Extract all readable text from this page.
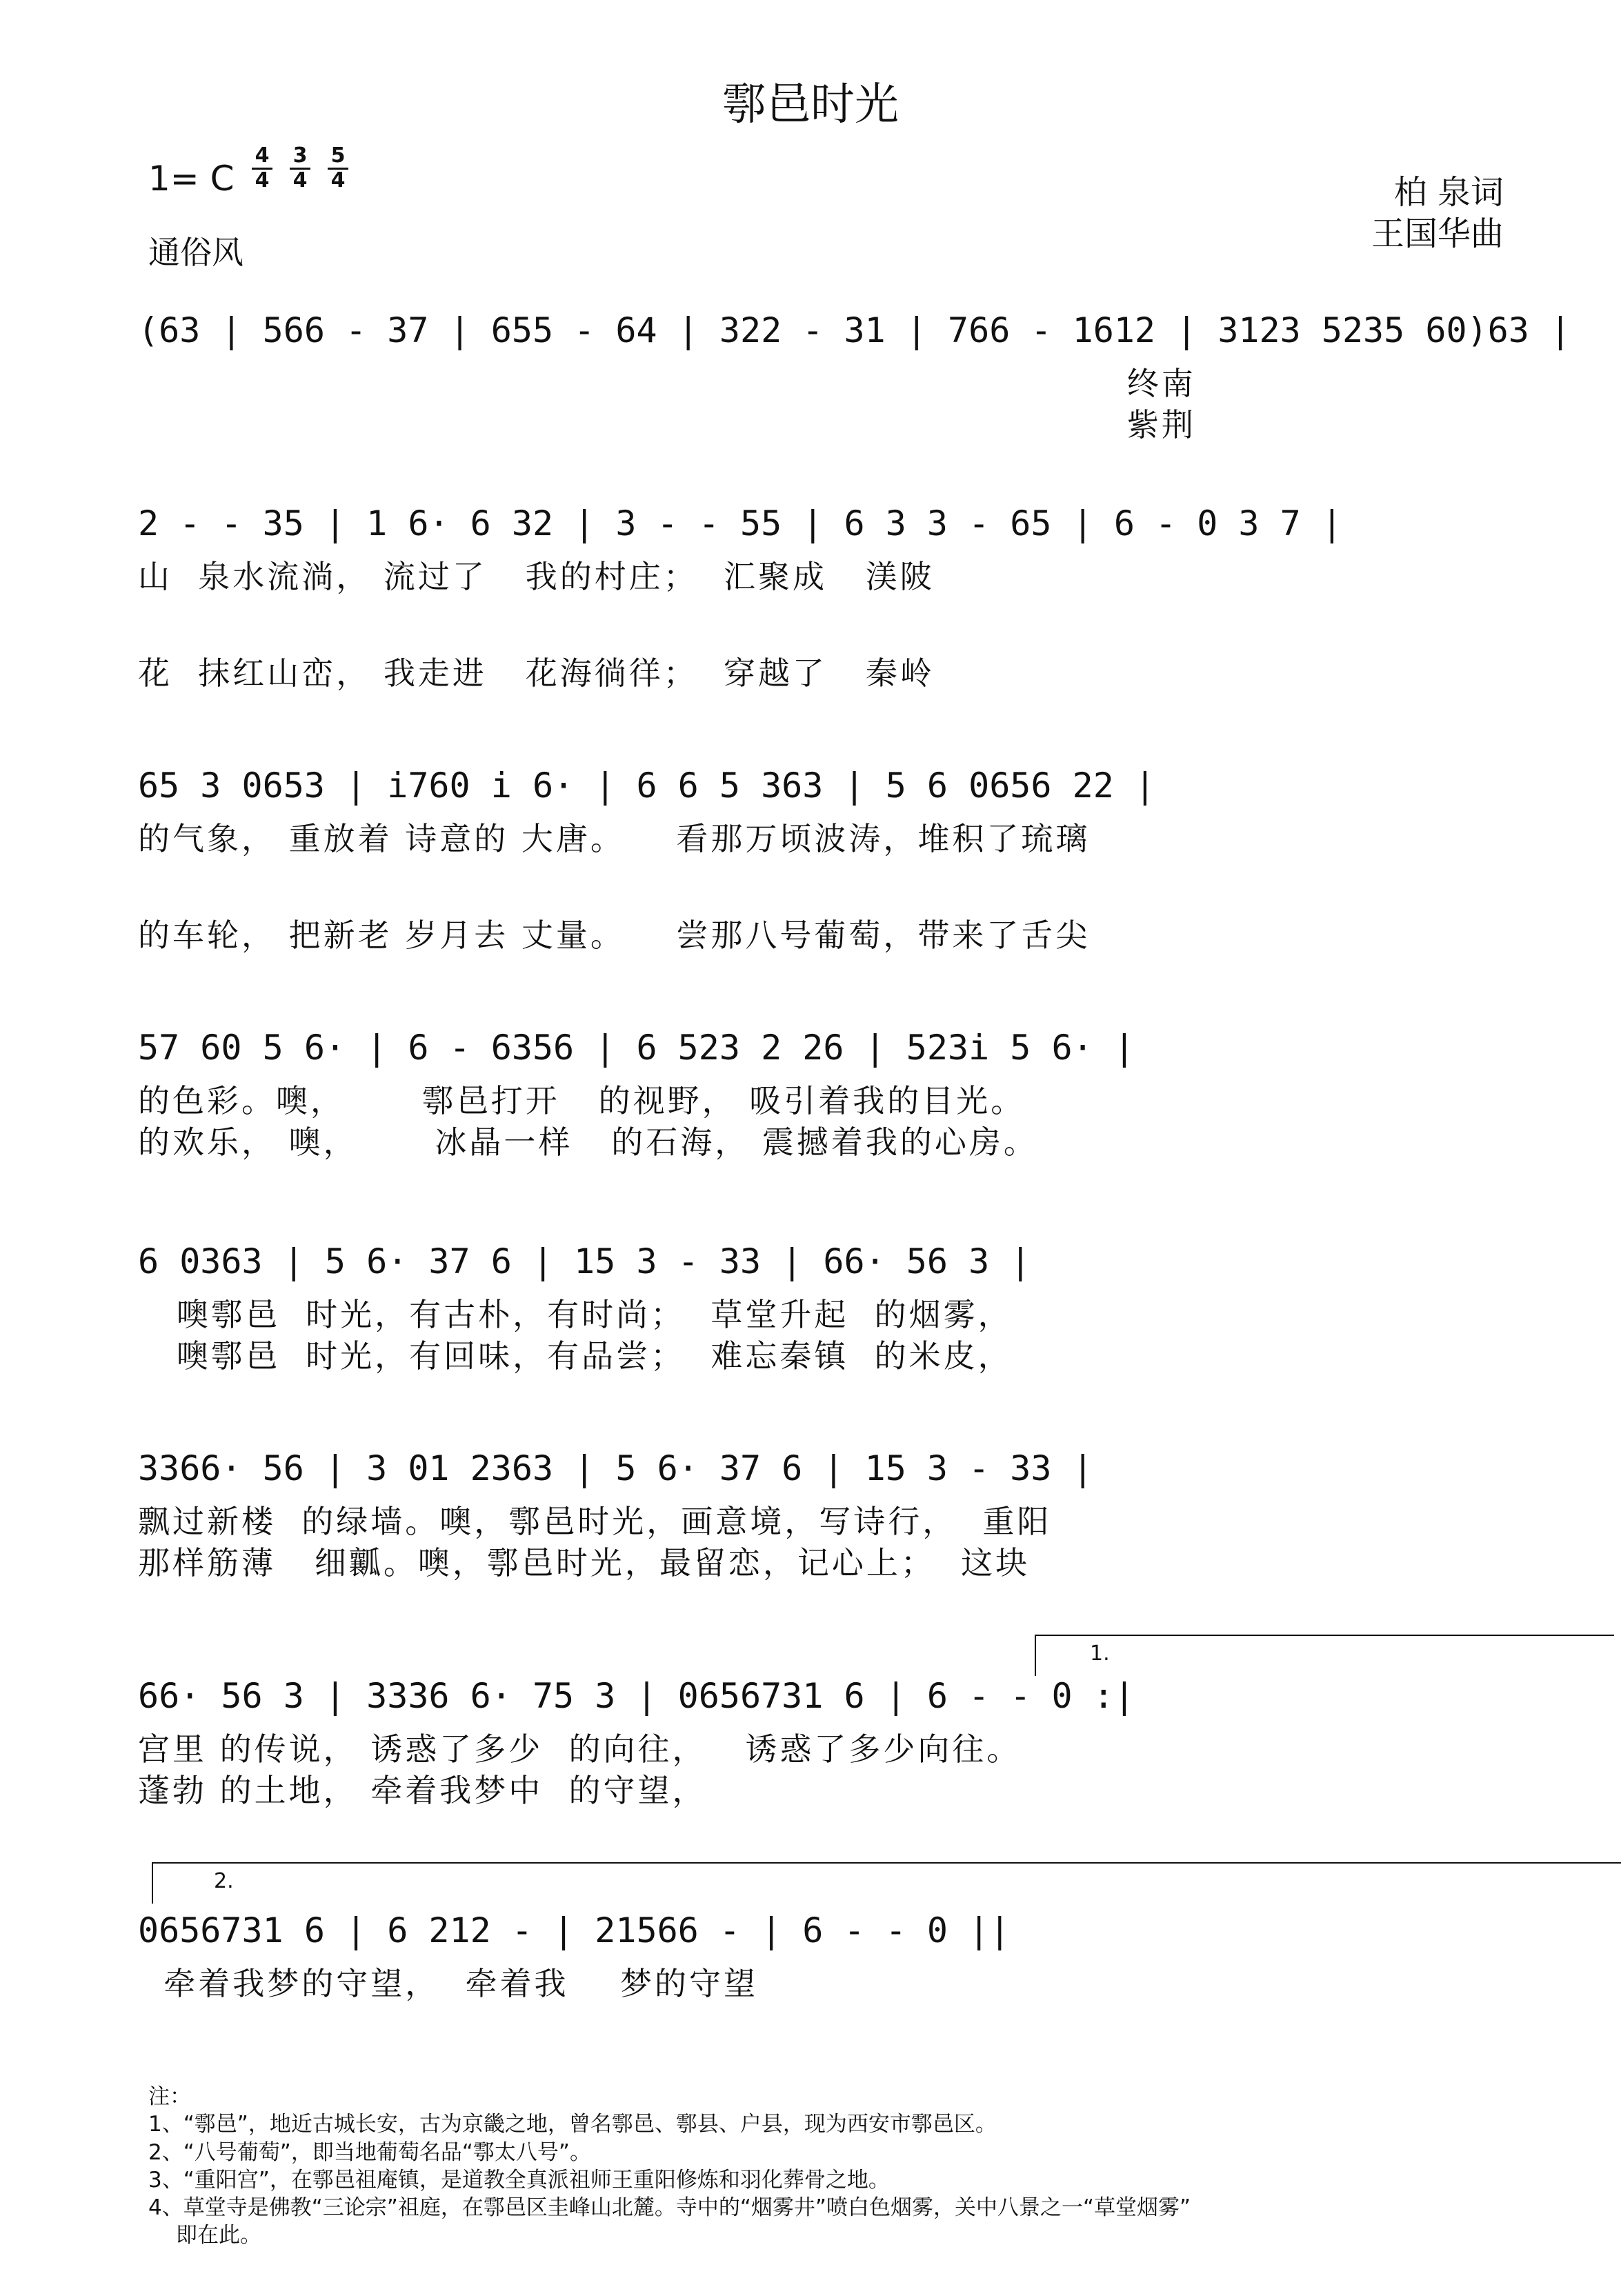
鄠邑时光
1= C
4
4
3
4
5
4
通俗风
柏 泉词
王国华曲
(63 | 566 - 37 | 655 - 64 | 322 - 31 | 766 - 1612 | 3123 5235 60)63 |
终南
紫荆
2 - - 35 | 1 6· 6 32 | 3 - - 55 | 6 3 3 - 65 | 6 - 0 3 7 |
山  泉水流淌， 流过了   我的村庄；  汇聚成   渼陂
花  抹红山峦， 我走进   花海徜徉；  穿越了   秦岭
65 3 0653 | i760 i 6· | 6 6 5 363 | 5 6 0656 22 |
的气象， 重放着 诗意的 大唐。    看那万顷波涛，堆积了琉璃
的车轮， 把新老 岁月去 丈量。    尝那八号葡萄，带来了舌尖
57 60 5 6· | 6 - 6356 | 6 523 2 26 | 523i 5 6· |
的色彩。噢，      鄠邑打开   的视野， 吸引着我的目光。
的欢乐， 噢，      冰晶一样   的石海， 震撼着我的心房。
6 0363 | 5 6· 37 6 | 15 3 - 33 | 66· 56 3 |
噢鄠邑  时光，有古朴，有时尚；  草堂升起  的烟雾，
噢鄠邑  时光，有回味，有品尝；  难忘秦镇  的米皮，
3366· 56 | 3 01 2363 | 5 6· 37 6 | 15 3 - 33 |
飘过新楼  的绿墙。噢，鄠邑时光，画意境，写诗行，  重阳
那样筋薄   细瓤。噢，鄠邑时光，最留恋，记心上；  这块
1.
66· 56 3 | 3336 6· 75 3 | 0656731 6 | 6 - - 0 :|
宫里 的传说， 诱惑了多少  的向往，   诱惑了多少向往。
蓬勃 的土地， 牵着我梦中  的守望，
2.
0656731 6 | 6 212 - | 21566 - | 6 - - 0 ||
牵着我梦的守望，  牵着我    梦的守望
注：
1、“鄠邑”，地近古城长安，古为京畿之地，曾名鄠邑、鄠县、户县，现为西安市鄠邑区。
2、“八号葡萄”，即当地葡萄名品“鄠太八号”。
3、“重阳宫”，在鄠邑祖庵镇，是道教全真派祖师王重阳修炼和羽化葬骨之地。
4、草堂寺是佛教“三论宗”祖庭，在鄠邑区圭峰山北麓。寺中的“烟雾井”喷白色烟雾，关中八景之一“草堂烟雾”
即在此。
